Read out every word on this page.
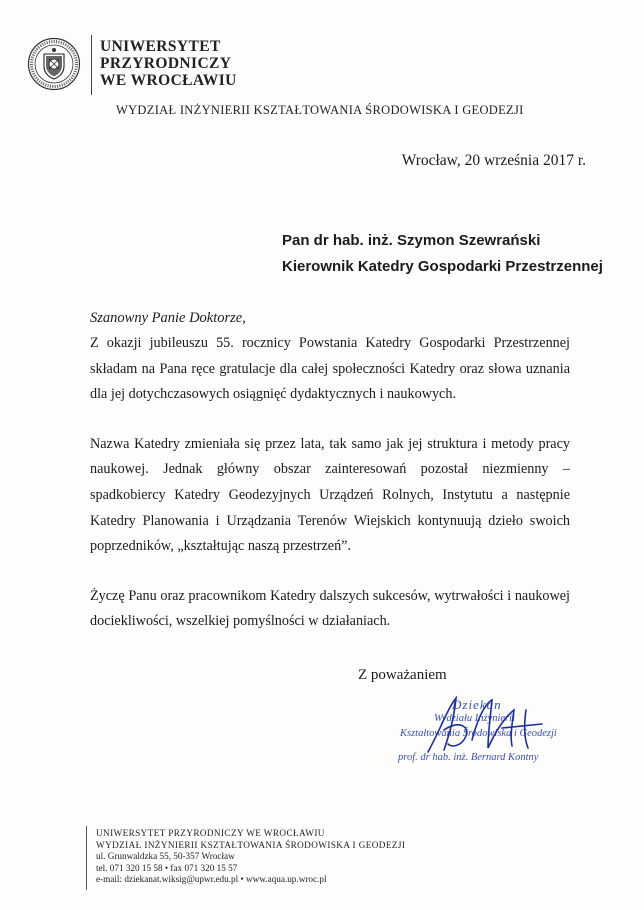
UNIWERSYTET
PRZYRODNICZY
WE WROCŁAWIU
WYDZIAŁ INŻYNIERII KSZTAŁTOWANIA ŚRODOWISKA I GEODEZJI
Wrocław, 20 września 2017 r.
Pan dr hab. inż. Szymon Szewrański
Kierownik Katedry Gospodarki Przestrzennej
Szanowny Panie Doktorze,

Z okazji jubileuszu 55. rocznicy Powstania Katedry Gospodarki Przestrzennej składam na Pana ręce gratulacje dla całej społeczności Katedry oraz słowa uznania dla jej dotychczasowych osiągnięć dydaktycznych i naukowych.

Nazwa Katedry zmieniała się przez lata, tak samo jak jej struktura i metody pracy naukowej. Jednak główny obszar zainteresowań pozostał niezmienny – spadkobiercy Katedry Geodezyjnych Urządzeń Rolnych, Instytutu a następnie Katedry Planowania i Urządzania Terenów Wiejskich kontynuują dzieło swoich poprzedników, „kształtując naszą przestrzeń”.

Życzę Panu oraz pracownikom Katedry dalszych sukcesów, wytrwałości i naukowej dociekliwości, wszelkiej pomyślności w działaniach.

Z poważaniem
Dziekan
Wydziału Inżynierii
Kształtowania Środowiska i Geodezji
prof. dr hab. inż. Bernard Kontny
UNIWERSYTET PRZYRODNICZY WE WROCŁAWIU
WYDZIAŁ INŻYNIERII KSZTAŁTOWANIA ŚRODOWISKA I GEODEZJI
ul. Grunwaldzka 55, 50-357 Wrocław
tel. 071 320 15 58 • fax 071 320 15 57
e-mail: dziekanat.wiksig@upwr.edu.pl • www.aqua.up.wroc.pl
